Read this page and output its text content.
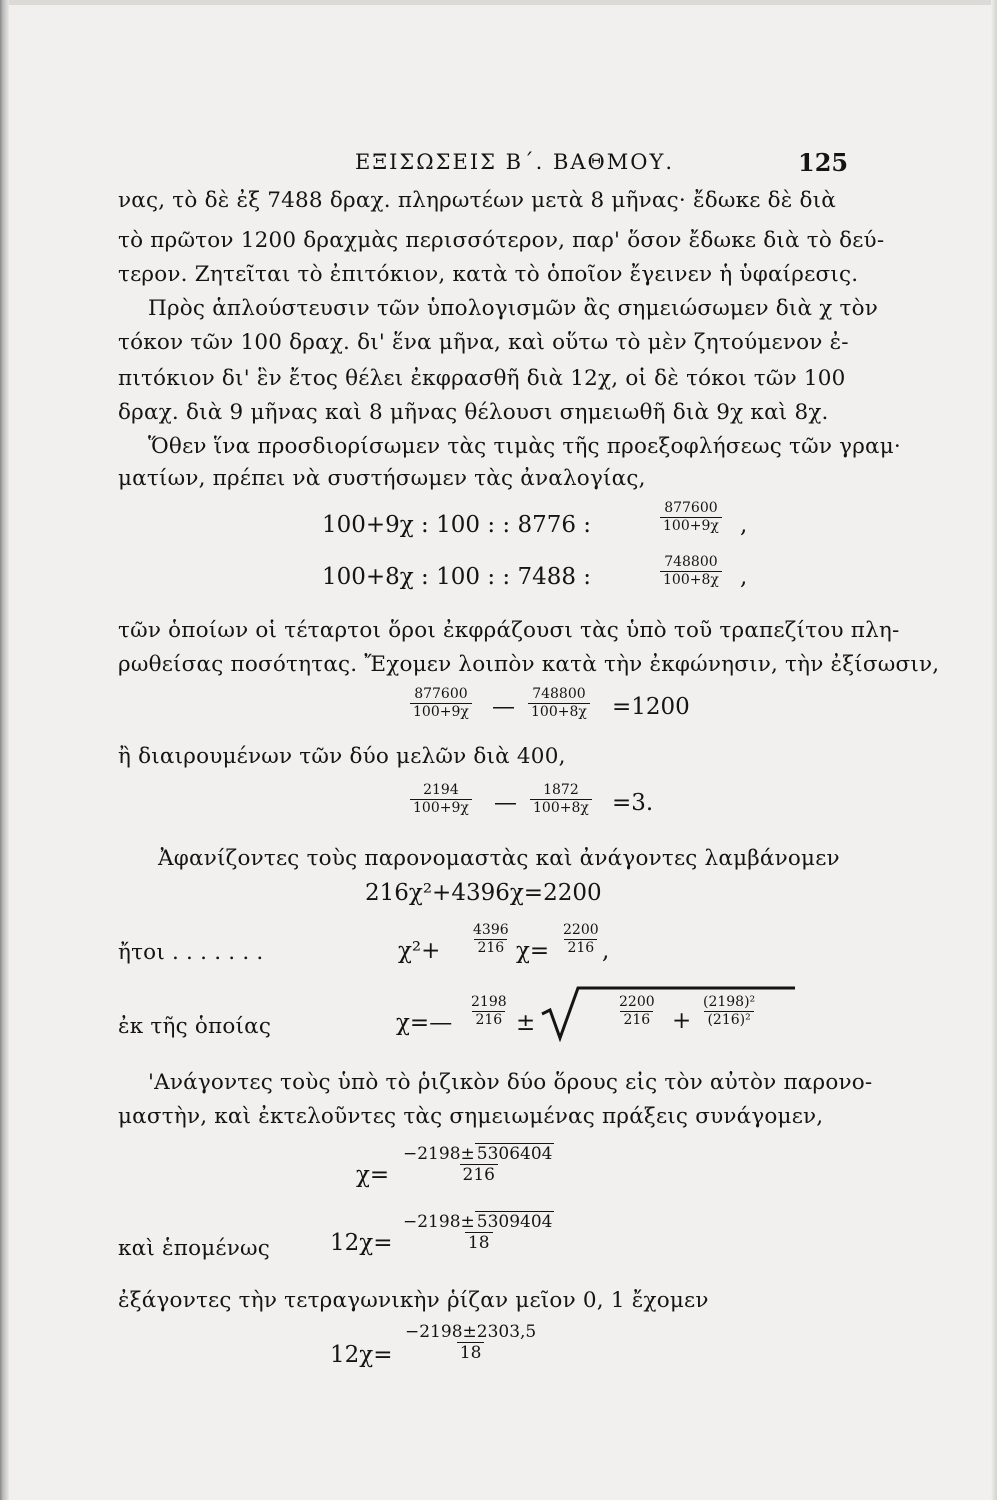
ΕΞΙΣΩΣΕΙΣ Β΄. ΒΑΘΜΟΥ.	125
νας, τὸ δὲ ἐξ 7488 δραχ. πληρωτέων μετὰ 8 μῆνας· ἔδωκε δὲ διὰ
τὸ πρῶτον 1200 δραχμὰς περισσότερον, παρ' ὅσον ἔδωκε διὰ τὸ δεύ-
τερον. Ζητεῖται τὸ ἐπιτόκιον, κατὰ τὸ ὁποῖον ἔγεινεν ἡ ὑφαίρεσις.
Πρὸς ἁπλούστευσιν τῶν ὑπολογισμῶν ἂς σημειώσωμεν διὰ χ τὸν
τόκον τῶν 100 δραχ. δι' ἕνα μῆνα, καὶ οὕτω τὸ μὲν ζητούμενον ἐ-
πιτόκιον δι' ἓν ἔτος θέλει ἐκφρασθῆ διὰ 12χ, οἱ δὲ τόκοι τῶν 100
δραχ. διὰ 9 μῆνας καὶ 8 μῆνας θέλουσι σημειωθῆ διὰ 9χ καὶ 8χ.
Ὅθεν ἵνα προσδιορίσωμεν τὰς τιμὰς τῆς προεξοφλήσεως τῶν γραμ·
ματίων, πρέπει νὰ συστήσωμεν τὰς ἀναλογίας,
100+9χ : 100 : : 8776 :	$\frac{877600}{100+9\chi}$ ,
100+8χ : 100 : : 7488 :	$\frac{748800}{100+8\chi}$ ,
τῶν ὁποίων οἱ τέταρτοι ὅροι ἐκφράζουσι τὰς ὑπὸ τοῦ τραπεζίτου πλη-
ρωθείσας ποσότητας. Ἔχομεν λοιπὸν κατὰ τὴν ἐκφώνησιν, τὴν ἐξίσωσιν,
$\frac{877600}{100+9\chi}$ — $\frac{748800}{100+8\chi} =1200$
ἢ διαιρουμένων τῶν δύο μελῶν διὰ 400,
$\frac{2194}{100+9\chi}$ — $\frac{1872}{100+8\chi} =3$.
Ἀφανίζοντες τοὺς παρονομαστὰς καὶ ἀνάγοντες λαμβάνομεν
216χ²+4396χ=2200
ἤτοι . . . . . . .	$\chi^2+ \frac{4396}{216} \chi= \frac{2200}{216}$ ,
ἐκ τῆς ὁποίας	χ=— $\frac{2198}{216}$ ±	$\frac{2200}{216} + \frac{\text{(2198)²}}{\text{(216)²}}$
'Ανάγοντες τοὺς ὑπὸ τὸ ῥιζικὸν δύο ὅρους εἰς τὸν αὐτὸν παρονο-
μαστὴν, καὶ ἐκτελοῦντες τὰς σημειωμένας πράξεις συνάγομεν,
$\chi= \frac{-2198\pm 5306404}{216}$
καὶ ἑπομένως	$12\chi= \frac{-2198\pm 5309404}{18}$
ἐξάγοντες τὴν τετραγωνικὴν ῥίζαν μεῖον 0, 1 ἔχομεν
$12\chi= \frac{-2198\pm 2303,5}{18}$
